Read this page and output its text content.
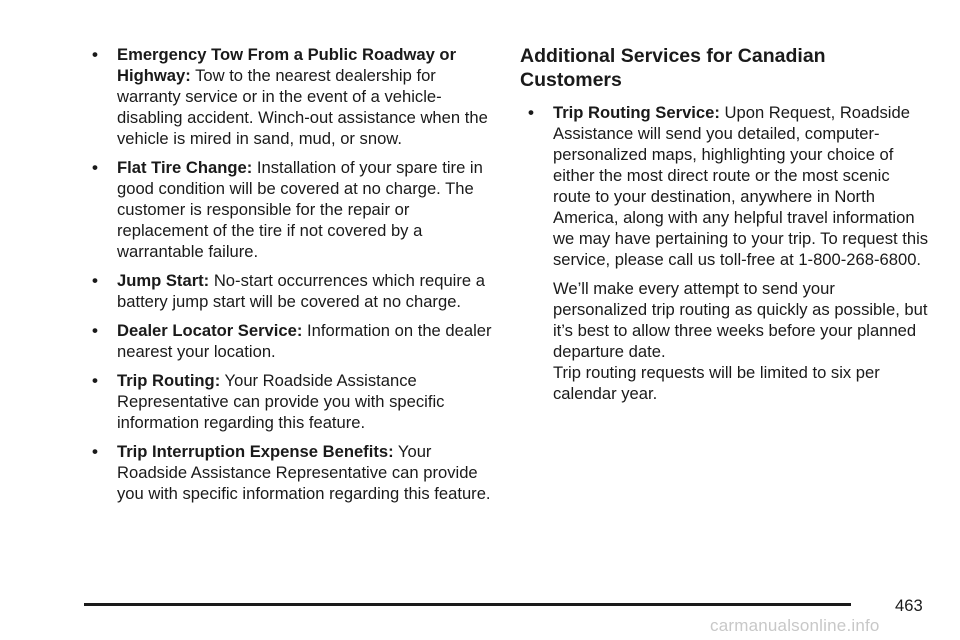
• Emergency Tow From a Public Roadway or Highway: Tow to the nearest dealership for warranty service or in the event of a vehicle-disabling accident. Winch-out assistance when the vehicle is mired in sand, mud, or snow.
• Flat Tire Change: Installation of your spare tire in good condition will be covered at no charge. The customer is responsible for the repair or replacement of the tire if not covered by a warrantable failure.
• Jump Start: No-start occurrences which require a battery jump start will be covered at no charge.
• Dealer Locator Service: Information on the dealer nearest your location.
• Trip Routing: Your Roadside Assistance Representative can provide you with specific information regarding this feature.
• Trip Interruption Expense Benefits: Your Roadside Assistance Representative can provide you with specific information regarding this feature.
Additional Services for Canadian Customers
• Trip Routing Service: Upon Request, Roadside Assistance will send you detailed, computer-personalized maps, highlighting your choice of either the most direct route or the most scenic route to your destination, anywhere in North America, along with any helpful travel information we may have pertaining to your trip. To request this service, please call us toll-free at 1-800-268-6800.
We’ll make every attempt to send your personalized trip routing as quickly as possible, but it’s best to allow three weeks before your planned departure date.
Trip routing requests will be limited to six per calendar year.
463
carmanualsonline.info
